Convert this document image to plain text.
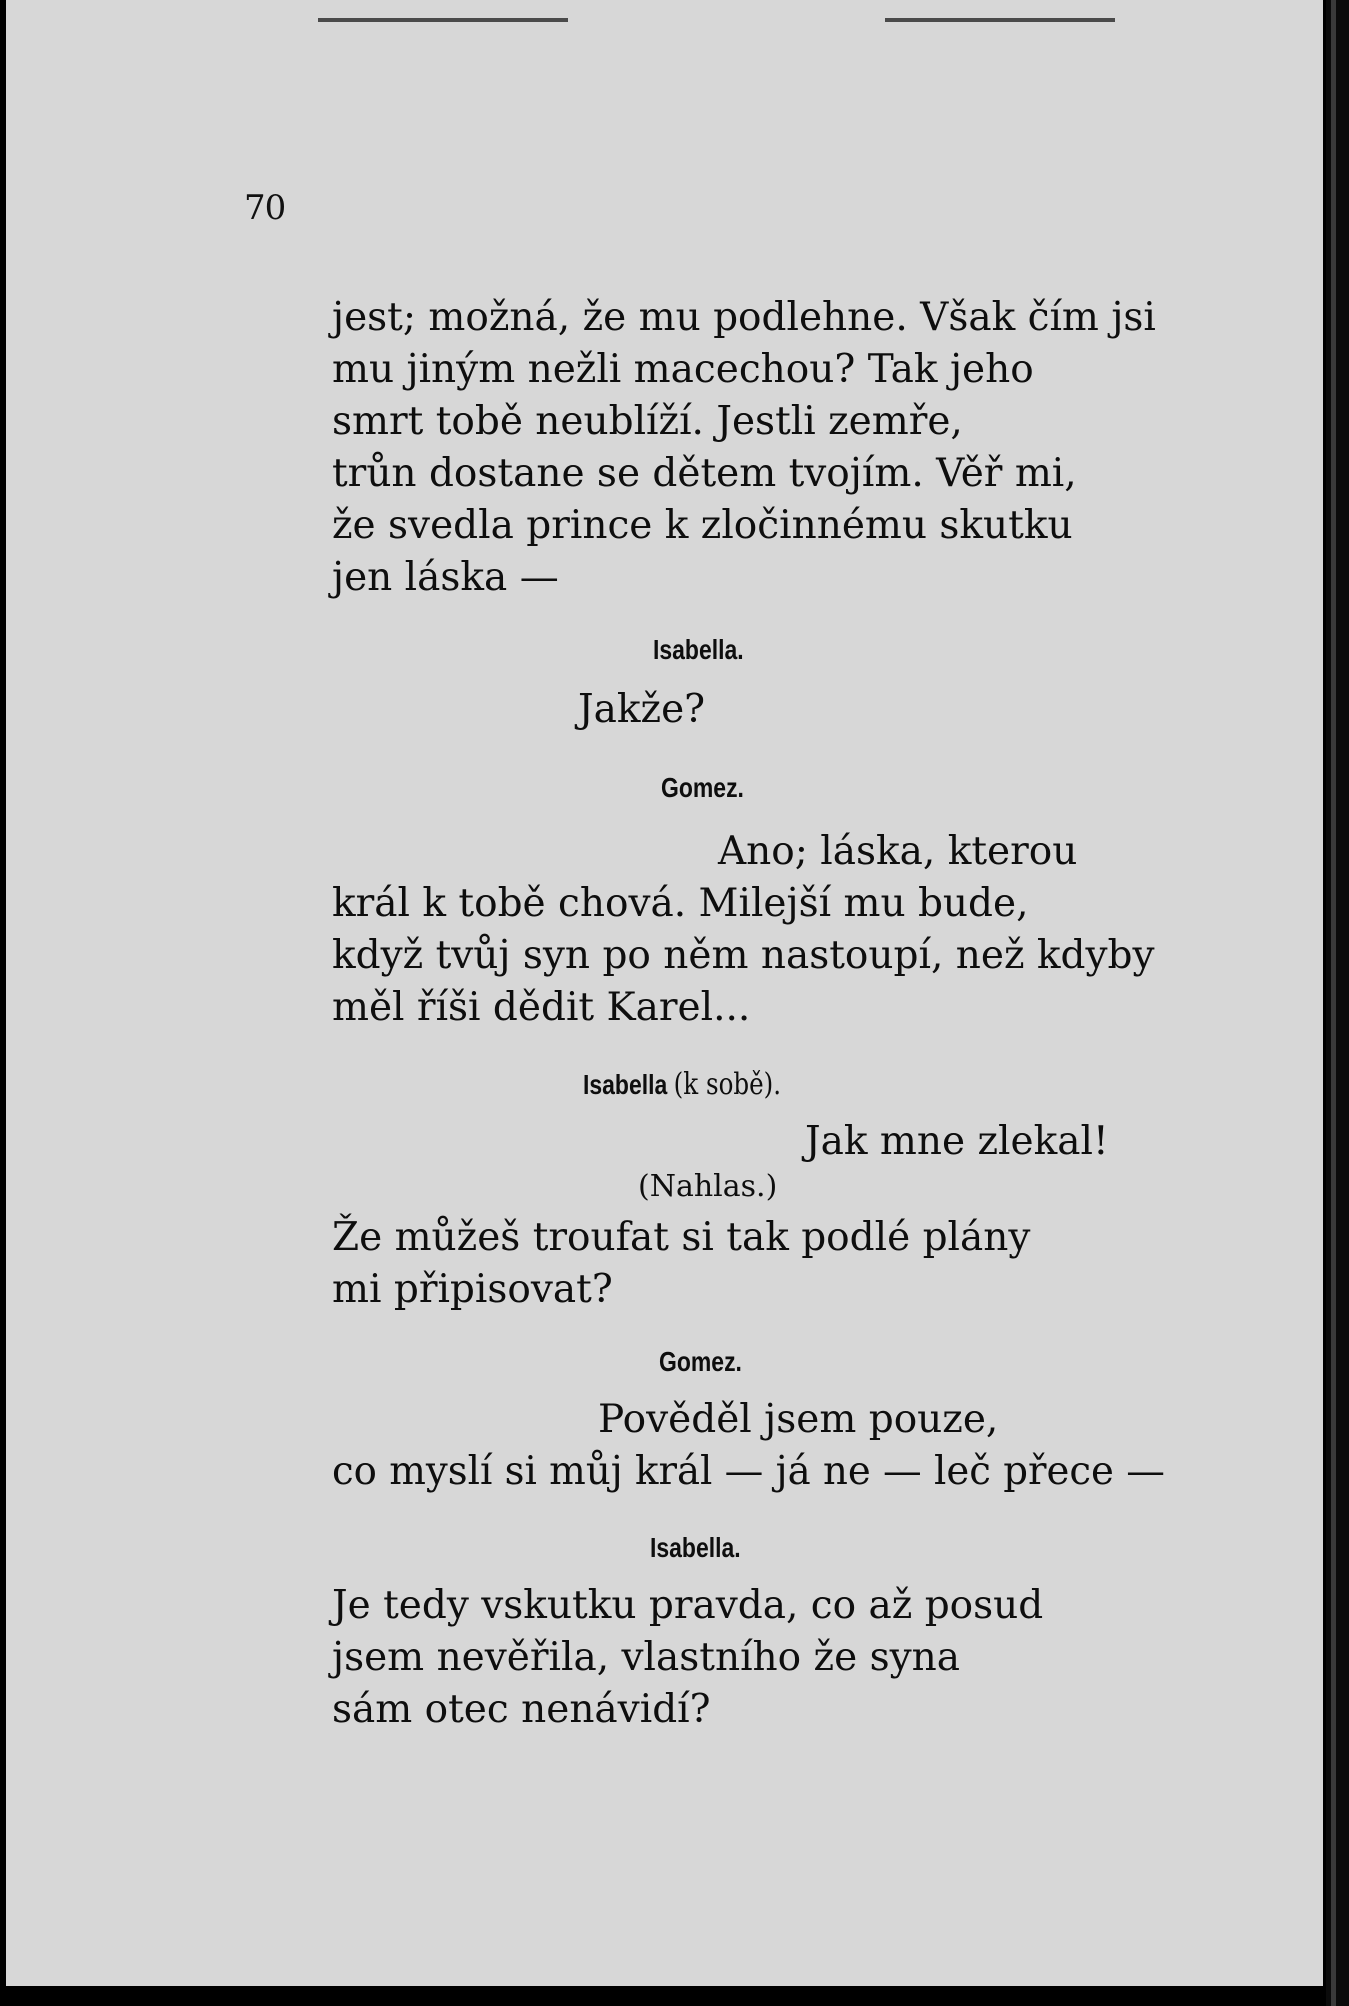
70
jest; možná, že mu podlehne. Však čím jsi
mu jiným nežli macechou? Tak jeho
smrt tobě neublíží. Jestli zemře,
trůn dostane se dětem tvojím. Věř mi,
že svedla prince k zločinnému skutku
jen láska —
Isabella.
Jakže?
Gomez.
Ano; láska, kterou
král k tobě chová. Milejší mu bude,
když tvůj syn po něm nastoupí, než kdyby
měl říši dědit Karel...
Isabella (k sobě).
Jak mne zlekal!
(Nahlas.)
Že můžeš troufat si tak podlé plány
mi připisovat?
Gomez.
Pověděl jsem pouze,
co myslí si můj král — já ne — leč přece —
Isabella.
Je tedy vskutku pravda, co až posud
jsem nevěřila, vlastního že syna
sám otec nenávidí?
